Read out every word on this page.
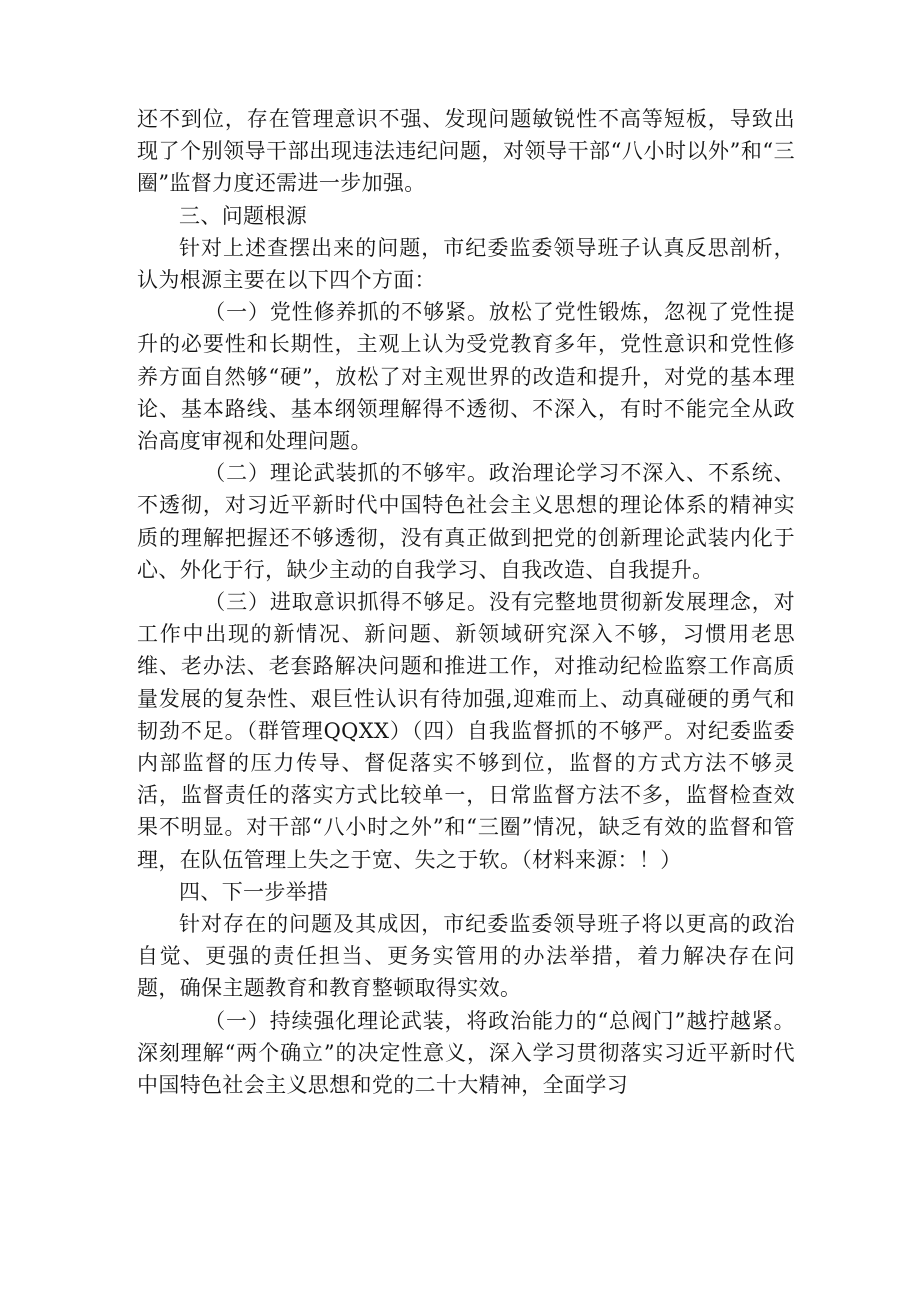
还不到位，存在管理意识不强、发现问题敏锐性不高等短板，导致出现了个别领导干部出现违法违纪问题，对领导干部“八小时以外”和“三圈”监督力度还需进一步加强。

三、问题根源

针对上述查摆出来的问题，市纪委监委领导班子认真反思剖析，认为根源主要在以下四个方面：

（一）党性修养抓的不够紧。放松了党性锻炼，忽视了党性提升的必要性和长期性，主观上认为受党教育多年，党性意识和党性修养方面自然够“硬”，放松了对主观世界的改造和提升，对党的基本理论、基本路线、基本纲领理解得不透彻、不深入，有时不能完全从政治高度审视和处理问题。

（二）理论武装抓的不够牢。政治理论学习不深入、不系统、不透彻，对习近平新时代中国特色社会主义思想的理论体系的精神实质的理解把握还不够透彻，没有真正做到把党的创新理论武装内化于心、外化于行，缺少主动的自我学习、自我改造、自我提升。

（三）进取意识抓得不够足。没有完整地贯彻新发展理念，对工作中出现的新情况、新问题、新领域研究深入不够，习惯用老思维、老办法、老套路解决问题和推进工作，对推动纪检监察工作高质量发展的复杂性、艰巨性认识有待加强,迎难而上、动真碰硬的勇气和韧劲不足。（群管理QQXX）（四）自我监督抓的不够严。对纪委监委内部监督的压力传导、督促落实不够到位，监督的方式方法不够灵活，监督责任的落实方式比较单一，日常监督方法不多，监督检查效果不明显。对干部“八小时之外”和“三圈”情况，缺乏有效的监督和管理，在队伍管理上失之于宽、失之于软。（材料来源：！）

四、下一步举措

针对存在的问题及其成因，市纪委监委领导班子将以更高的政治自觉、更强的责任担当、更务实管用的办法举措，着力解决存在问题，确保主题教育和教育整顿取得实效。

（一）持续强化理论武装，将政治能力的“总阀门”越拧越紧。深刻理解“两个确立”的决定性意义，深入学习贯彻落实习近平新时代中国特色社会主义思想和党的二十大精神，全面学习
